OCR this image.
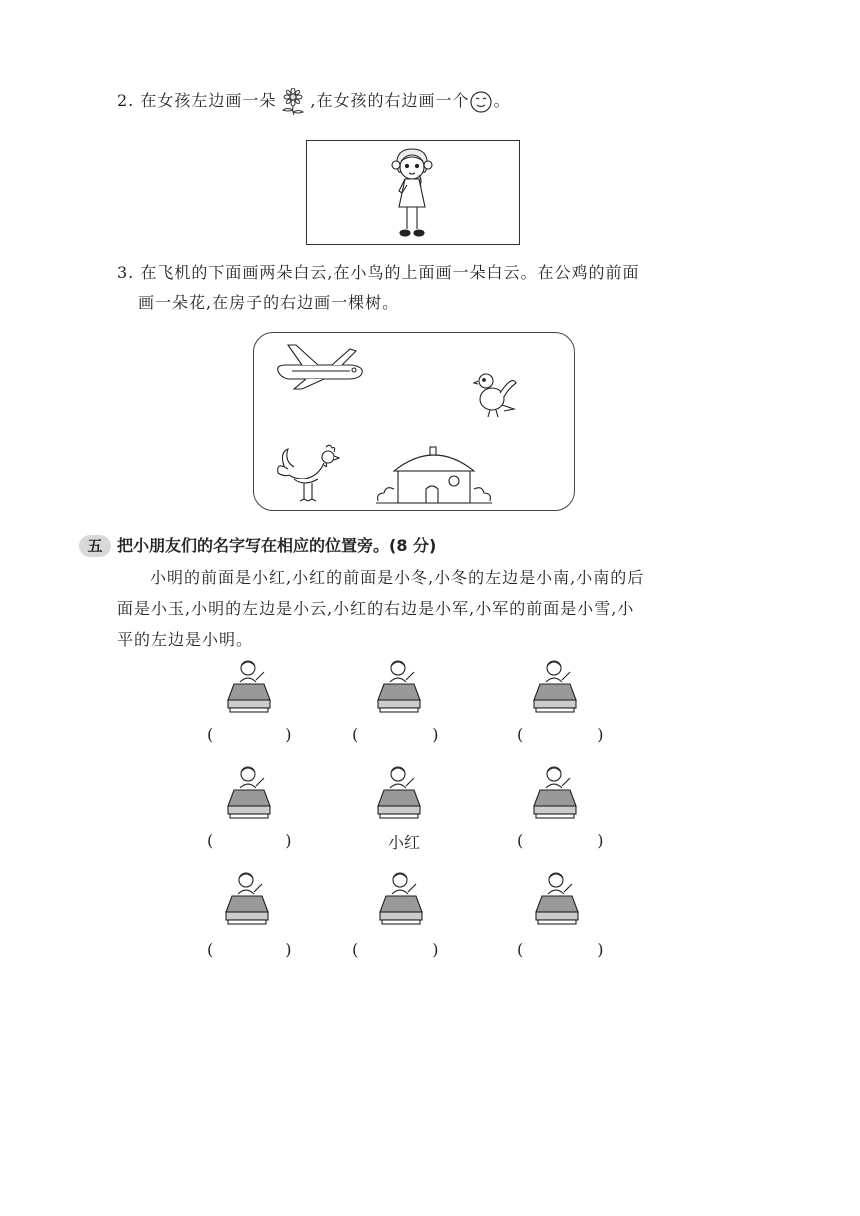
2. 在女孩左边画一朵 ,在女孩的右边画一个 。
3. 在飞机的下面画两朵白云,在小鸟的上面画一朵白云。在公鸡的前面
画一朵花,在房子的右边画一棵树。
五 把小朋友们的名字写在相应的位置旁。(8 分)
小明的前面是小红,小红的前面是小冬,小冬的左边是小南,小南的后
面是小玉,小明的左边是小云,小红的右边是小军,小军的前面是小雪,小
平的左边是小明。
(	)	(	)	(	)
(	)	小红	(	)
(	)	(	)	(	)
